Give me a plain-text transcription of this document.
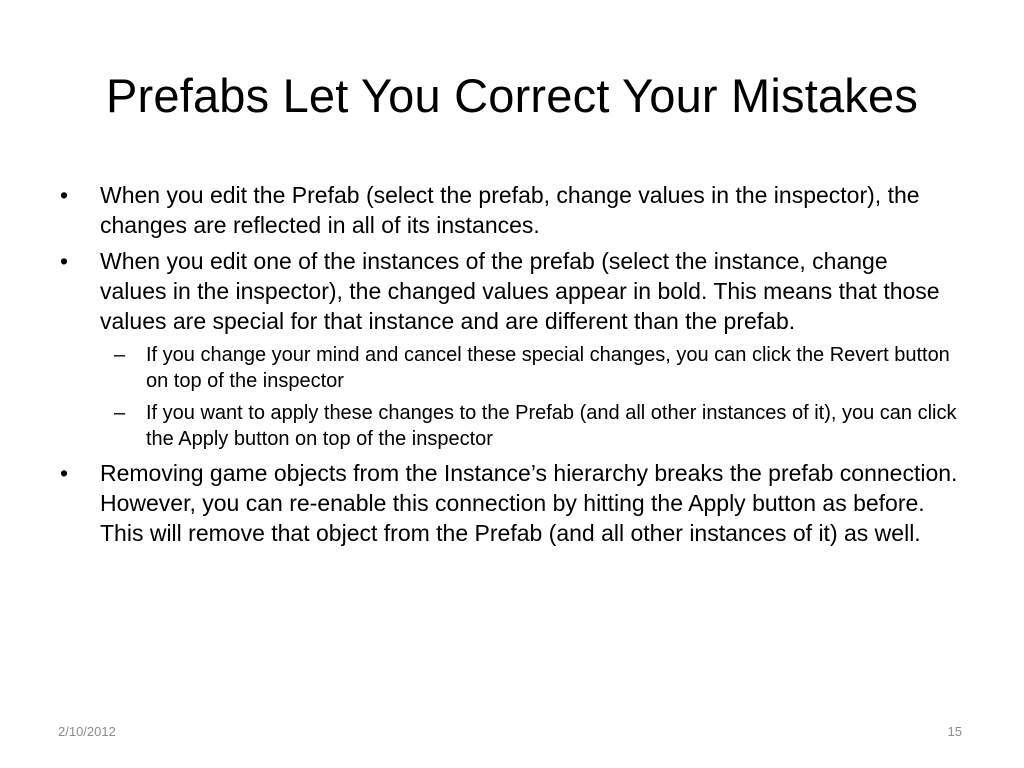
Prefabs Let You Correct Your Mistakes
• When you edit the Prefab (select the prefab, change values in the inspector), the changes are reflected in all of its instances.
• When you edit one of the instances of the prefab (select the instance, change values in the inspector), the changed values appear in bold. This means that those values are special for that instance and are different than the prefab.
– If you change your mind and cancel these special changes, you can click the Revert button on top of the inspector
– If you want to apply these changes to the Prefab (and all other instances of it), you can click the Apply button on top of the inspector
• Removing game objects from the Instance’s hierarchy breaks the prefab connection. However, you can re-enable this connection by hitting the Apply button as before. This will remove that object from the Prefab (and all other instances of it) as well.
2/10/2012	15
